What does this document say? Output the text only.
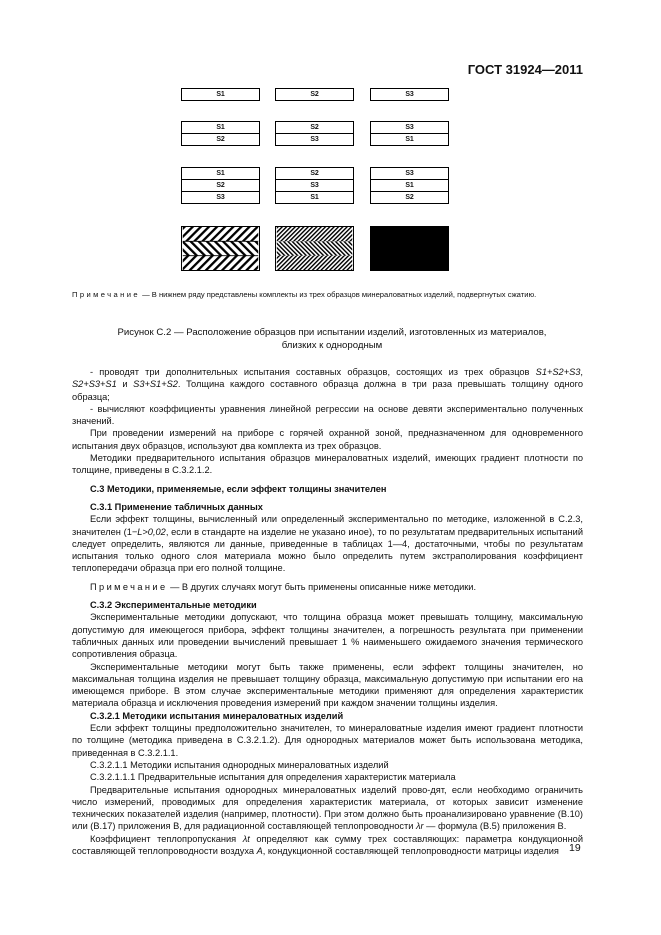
ГОСТ 31924—2011
S1	S2	S3
S1
S2
S2
S3
S3
S1
S1
S2
S3
S2
S3
S1
S3
S1
S2
Примечание — В нижнем ряду представлены комплекты из трех образцов минераловатных изделий, подвергнутых сжатию.
Рисунок С.2 — Расположение образцов при испытании изделий, изготовленных из материалов,
близких к однородным

- проводят три дополнительных испытания составных образцов, состоящих из трех образцов S1+S2+S3, S2+S3+S1 и S3+S1+S2. Толщина каждого составного образца должна в три раза превышать толщину одного образца;

- вычисляют коэффициенты уравнения линейной регрессии на основе девяти экспериментально полученных значений.

При проведении измерений на приборе с горячей охранной зоной, предназначенном для одновременного испытания двух образцов, используют два комплекта из трех образцов.

Методики предварительного испытания образцов минераловатных изделий, имеющих градиент плотности по толщине, приведены в С.3.2.1.2.

С.3 Методики, применяемые, если эффект толщины значителен

С.3.1 Применение табличных данных

Если эффект толщины, вычисленный или определенный экспериментально по методике, изложенной в С.2.3, значителен (1−L>0,02, если в стандарте на изделие не указано иное), то по результатам предварительных испытаний следует определить, являются ли данные, приведенные в таблицах 1—4, достаточными, чтобы по результатам испытания только одного слоя материала можно было определить путем экстраполирования коэффициент теплопередачи образца при его полной толщине.

Примечание — В других случаях могут быть применены описанные ниже методики.

С.3.2 Экспериментальные методики

Экспериментальные методики допускают, что толщина образца может превышать толщину, максимальную допустимую для имеющегося прибора, эффект толщины значителен, а погрешность результата при применении табличных данных или проведении вычислений превышает 1 % наименьшего ожидаемого значения термического сопротивления образца.

Экспериментальные методики могут быть также применены, если эффект толщины значителен, но максимальная толщина изделия не превышает толщину образца, максимальную допустимую при испытании его на имеющемся приборе. В этом случае экспериментальные методики применяют для определения характеристик материала образца и исключения проведения измерений при каждом значении толщины изделия.

С.3.2.1 Методики испытания минераловатных изделий

Если эффект толщины предположительно значителен, то минераловатные изделия имеют градиент плотности по толщине (методика приведена в С.3.2.1.2). Для однородных материалов может быть использована методика, приведенная в С.3.2.1.1.

С.3.2.1.1 Методики испытания однородных минераловатных изделий

С.3.2.1.1.1 Предварительные испытания для определения характеристик материала

Предварительные испытания однородных минераловатных изделий прово-дят, если необходимо ограничить число измерений, проводимых для определения характеристик материала, от которых зависит изменение технических показателей изделия (например, плотности). При этом должно быть проанализировано уравнение (В.10) или (В.17) приложения В, для радиационной составляющей теплопроводности λr — формула (В.5) приложения В.

Коэффициент теплопропускания λt определяют как сумму трех составляющих: параметра кондукционной составляющей теплопроводности воздуха A, кондукционной составляющей теплопроводности матрицы изделия 19
